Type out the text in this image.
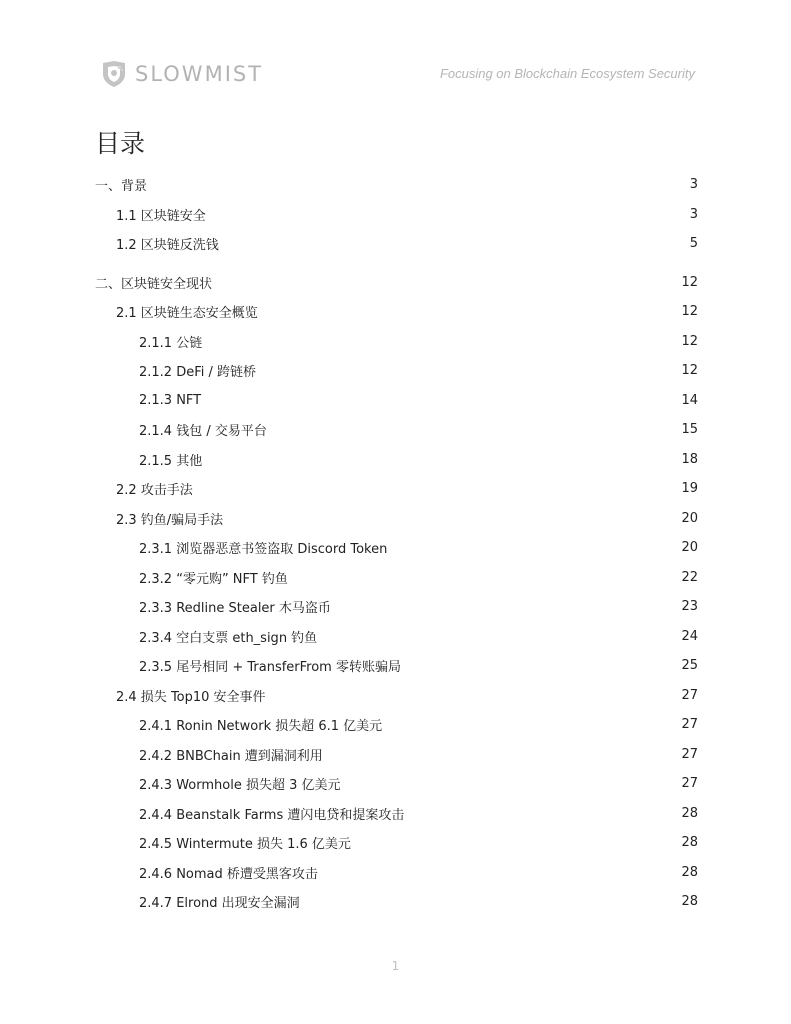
SLOWMIST	Focusing on Blockchain Ecosystem Security
目录
一、背景	3
1.1 区块链安全	3
1.2 区块链反洗钱	5
二、区块链安全现状	12
2.1 区块链生态安全概览	12
2.1.1 公链	12
2.1.2 DeFi / 跨链桥	12
2.1.3 NFT	14
2.1.4 钱包 / 交易平台	15
2.1.5 其他	18
2.2 攻击手法	19
2.3 钓鱼/骗局手法	20
2.3.1 浏览器恶意书签盗取 Discord Token	20
2.3.2 “零元购” NFT 钓鱼	22
2.3.3 Redline Stealer 木马盗币	23
2.3.4 空白支票 eth_sign 钓鱼	24
2.3.5 尾号相同 + TransferFrom 零转账骗局	25
2.4 损失 Top10 安全事件	27
2.4.1 Ronin Network 损失超 6.1 亿美元	27
2.4.2 BNBChain 遭到漏洞利用	27
2.4.3 Wormhole 损失超 3 亿美元	27
2.4.4 Beanstalk Farms 遭闪电贷和提案攻击	28
2.4.5 Wintermute 损失 1.6 亿美元	28
2.4.6 Nomad 桥遭受黑客攻击	28
2.4.7 Elrond 出现安全漏洞	28
1
